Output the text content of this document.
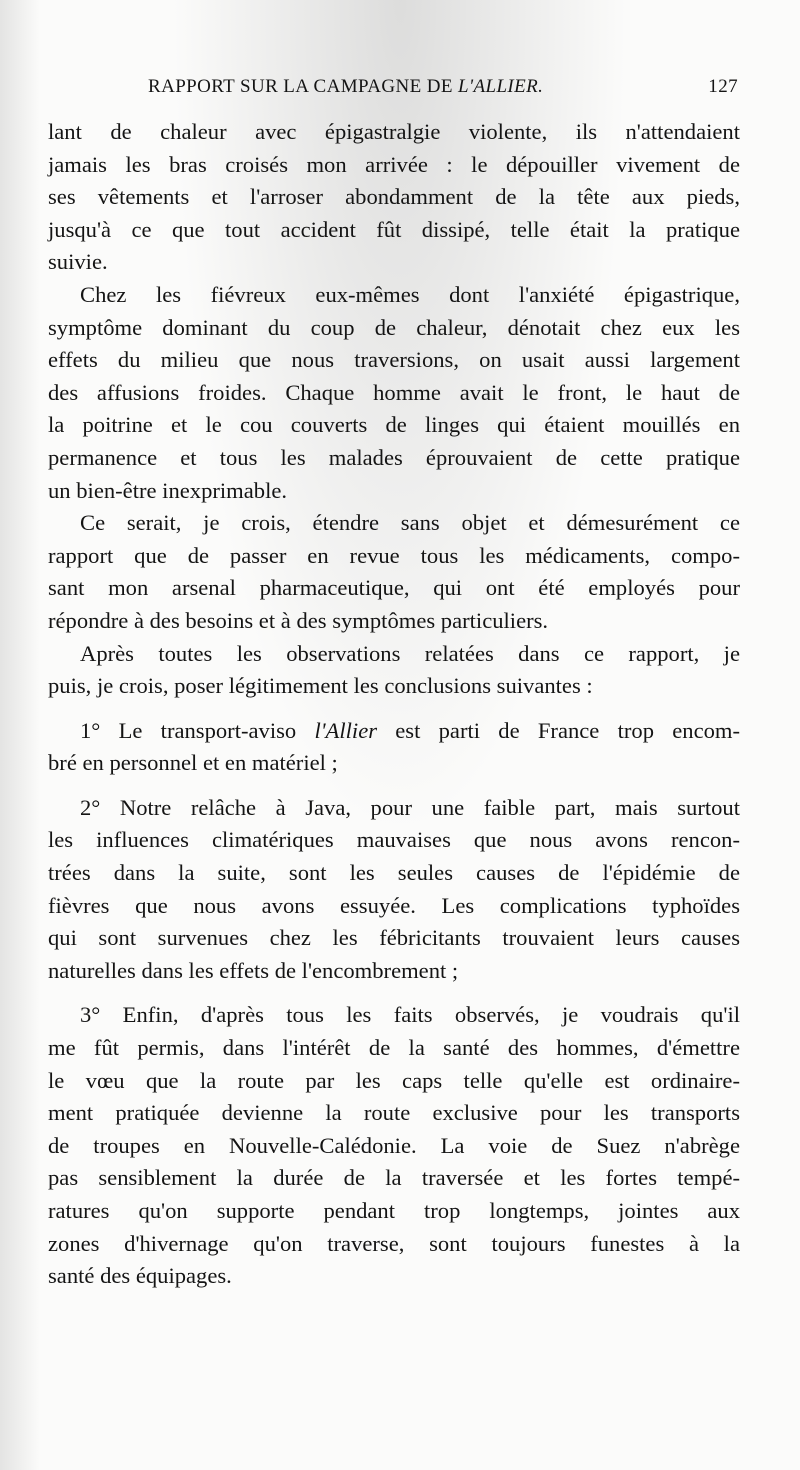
RAPPORT SUR LA CAMPAGNE DE L'ALLIER.	127
lant de chaleur avec épigastralgie violente, ils n'attendaient
jamais les bras croisés mon arrivée : le dépouiller vivement de
ses vêtements et l'arroser abondamment de la tête aux pieds,
jusqu'à ce que tout accident fût dissipé, telle était la pratique
suivie.
Chez les fiévreux eux-mêmes dont l'anxiété épigastrique,
symptôme dominant du coup de chaleur, dénotait chez eux les
effets du milieu que nous traversions, on usait aussi largement
des affusions froides. Chaque homme avait le front, le haut de
la poitrine et le cou couverts de linges qui étaient mouillés en
permanence et tous les malades éprouvaient de cette pratique
un bien-être inexprimable.
Ce serait, je crois, étendre sans objet et démesurément ce
rapport que de passer en revue tous les médicaments, compo-
sant mon arsenal pharmaceutique, qui ont été employés pour
répondre à des besoins et à des symptômes particuliers.
Après toutes les observations relatées dans ce rapport, je
puis, je crois, poser légitimement les conclusions suivantes :
1° Le transport-aviso l'Allier est parti de France trop encom-
bré en personnel et en matériel ;
2° Notre relâche à Java, pour une faible part, mais surtout
les influences climatériques mauvaises que nous avons rencon-
trées dans la suite, sont les seules causes de l'épidémie de
fièvres que nous avons essuyée. Les complications typhoïdes
qui sont survenues chez les fébricitants trouvaient leurs causes
naturelles dans les effets de l'encombrement ;
3° Enfin, d'après tous les faits observés, je voudrais qu'il
me fût permis, dans l'intérêt de la santé des hommes, d'émettre
le vœu que la route par les caps telle qu'elle est ordinaire-
ment pratiquée devienne la route exclusive pour les transports
de troupes en Nouvelle-Calédonie. La voie de Suez n'abrège
pas sensiblement la durée de la traversée et les fortes tempé-
ratures qu'on supporte pendant trop longtemps, jointes aux
zones d'hivernage qu'on traverse, sont toujours funestes à la
santé des équipages.
